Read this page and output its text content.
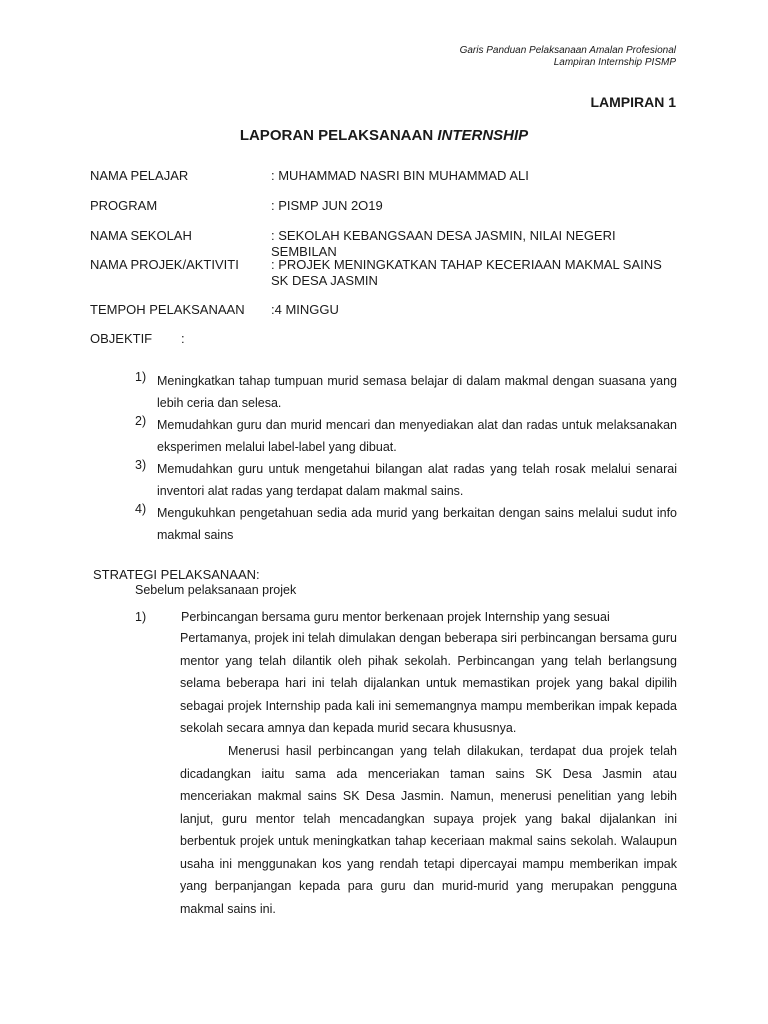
Garis Panduan Pelaksanaan Amalan Profesional
Lampiran Internship PISMP
LAMPIRAN 1
LAPORAN PELAKSANAAN INTERNSHIP
NAMA PELAJAR	: MUHAMMAD NASRI BIN MUHAMMAD ALI
PROGRAM	: PISMP JUN 2O19
NAMA SEKOLAH	: SEKOLAH KEBANGSAAN DESA JASMIN, NILAI NEGERI SEMBILAN
NAMA PROJEK/AKTIVITI : PROJEK MENINGKATKAN TAHAP KECERIAAN MAKMAL SAINS SK DESA JASMIN
TEMPOH PELAKSANAAN :4 MINGGU
OBJEKTIF :
1) Meningkatkan tahap tumpuan murid semasa belajar di dalam makmal dengan suasana yang lebih ceria dan selesa.
2) Memudahkan guru dan murid mencari dan menyediakan alat dan radas untuk melaksanakan eksperimen melalui label-label yang dibuat.
3) Memudahkan guru untuk mengetahui bilangan alat radas yang telah rosak melalui senarai inventori alat radas yang terdapat dalam makmal sains.
4) Mengukuhkan pengetahuan sedia ada murid yang berkaitan dengan sains melalui sudut info makmal sains
STRATEGI PELAKSANAAN:
Sebelum pelaksanaan projek
1)	Perbincangan bersama guru mentor berkenaan projek Internship yang sesuai
Pertamanya, projek ini telah dimulakan dengan beberapa siri perbincangan bersama guru mentor yang telah dilantik oleh pihak sekolah. Perbincangan yang telah berlangsung selama beberapa hari ini telah dijalankan untuk memastikan projek yang bakal dipilih sebagai projek Internship pada kali ini sememangnya mampu memberikan impak kepada sekolah secara amnya dan kepada murid secara khususnya.
Menerusi hasil perbincangan yang telah dilakukan, terdapat dua projek telah dicadangkan iaitu sama ada menceriakan taman sains SK Desa Jasmin atau menceriakan makmal sains SK Desa Jasmin. Namun, menerusi penelitian yang lebih lanjut, guru mentor telah mencadangkan supaya projek yang bakal dijalankan ini berbentuk projek untuk meningkatkan tahap keceriaan makmal sains sekolah. Walaupun usaha ini menggunakan kos yang rendah tetapi dipercayai mampu memberikan impak yang berpanjangan kepada para guru dan murid-murid yang merupakan pengguna makmal sains ini.
